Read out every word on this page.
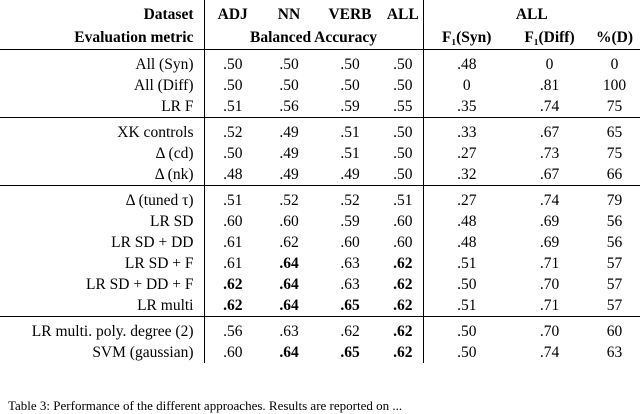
Dataset	ADJ	NN	VERB	ALL	ALL		
Evaluation metric	Balanced Accuracy				F₁(Syn)	F₁(Diff)	%(D)
All (Syn)	.50	.50	.50	.50	.48	0	0
All (Diff)	.50	.50	.50	.50	0	.81	100
LR F	.51	.56	.59	.55	.35	.74	75
XK controls	.52	.49	.51	.50	.33	.67	65
Δ (cd)	.50	.49	.51	.50	.27	.73	75
Δ (nk)	.48	.49	.49	.50	.32	.67	66
Δ (tuned τ)	.51	.52	.52	.51	.27	.74	79
LR SD	.60	.60	.59	.60	.48	.69	56
LR SD + DD	.61	.62	.60	.60	.48	.69	56
LR SD + F	.61	.64	.63	.62	.51	.71	57
LR SD + DD + F	.62	.64	.63	.62	.50	.70	57
LR multi	.62	.64	.65	.62	.51	.71	57
LR multi. poly. degree (2)	.56	.63	.62	.62	.50	.70	60
SVM (gaussian)	.60	.64	.65	.62	.50	.74	63
Table 3: Performance of the different approaches. Results are reported on ...
